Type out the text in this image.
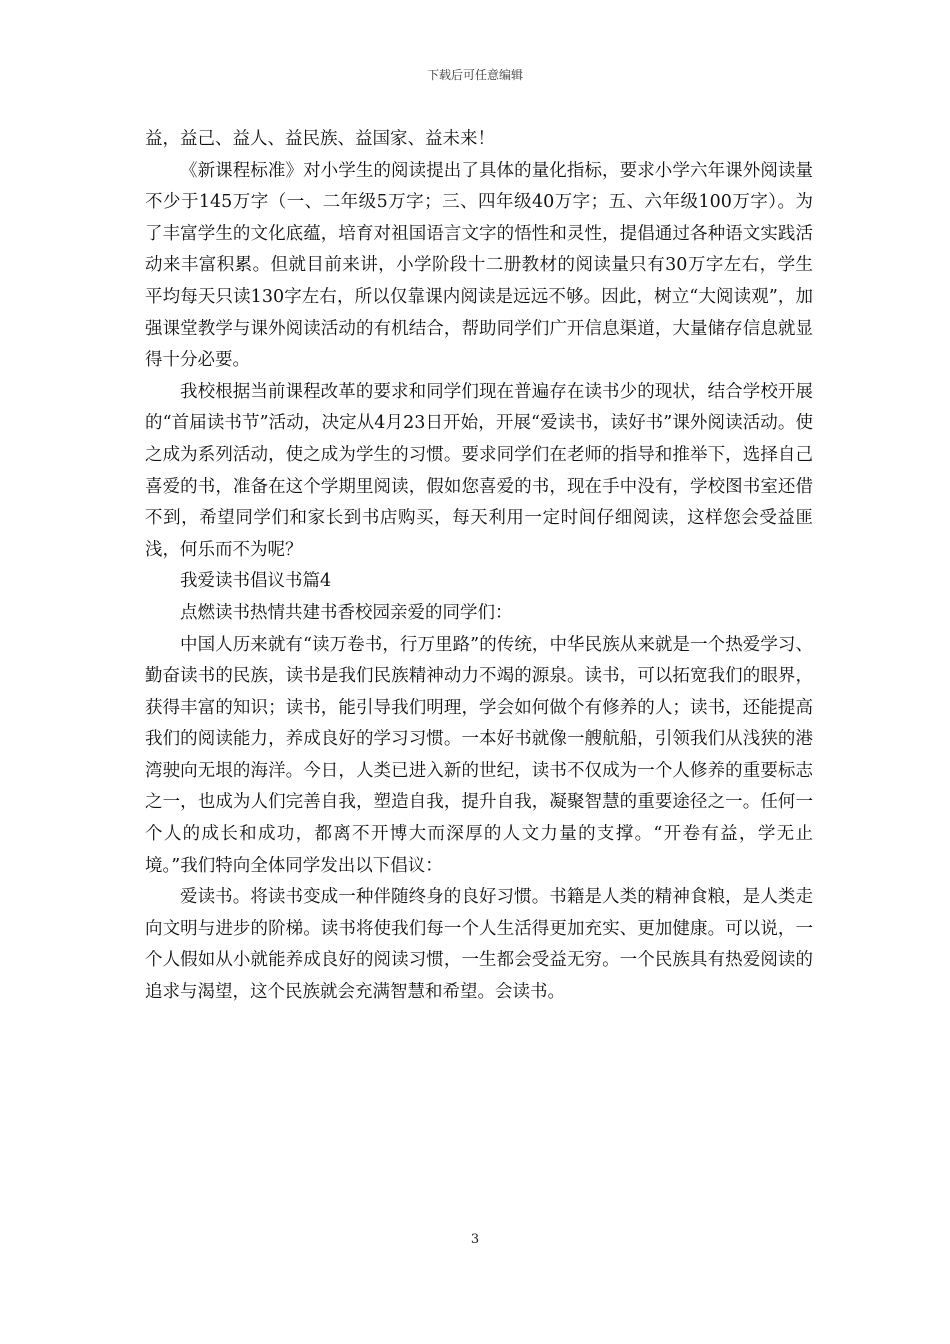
下载后可任意编辑

益，益己、益人、益民族、益国家、益未来！

《新课程标准》对小学生的阅读提出了具体的量化指标，要求小学六年课外阅读量不少于145万字（一、二年级5万字；三、四年级40万字；五、六年级100万字）。为了丰富学生的文化底蕴，培育对祖国语言文字的悟性和灵性，提倡通过各种语文实践活动来丰富积累。但就目前来讲，小学阶段十二册教材的阅读量只有30万字左右，学生平均每天只读130字左右，所以仅靠课内阅读是远远不够。因此，树立“大阅读观”，加强课堂教学与课外阅读活动的有机结合，帮助同学们广开信息渠道，大量储存信息就显得十分必要。

我校根据当前课程改革的要求和同学们现在普遍存在读书少的现状，结合学校开展的“首届读书节”活动，决定从4月23日开始，开展“爱读书，读好书”课外阅读活动。使之成为系列活动，使之成为学生的习惯。要求同学们在老师的指导和推举下，选择自己喜爱的书，准备在这个学期里阅读，假如您喜爱的书，现在手中没有，学校图书室还借不到，希望同学们和家长到书店购买，每天利用一定时间仔细阅读，这样您会受益匪浅，何乐而不为呢？

我爱读书倡议书篇4

点燃读书热情共建书香校园亲爱的同学们：

中国人历来就有“读万卷书，行万里路”的传统，中华民族从来就是一个热爱学习、勤奋读书的民族，读书是我们民族精神动力不竭的源泉。读书，可以拓宽我们的眼界，获得丰富的知识；读书，能引导我们明理，学会如何做个有修养的人；读书，还能提高我们的阅读能力，养成良好的学习习惯。一本好书就像一艘航船，引领我们从浅狭的港湾驶向无垠的海洋。今日，人类已进入新的世纪，读书不仅成为一个人修养的重要标志之一，也成为人们完善自我，塑造自我，提升自我，凝聚智慧的重要途径之一。任何一个人的成长和成功，都离不开博大而深厚的人文力量的支撑。“开卷有益，学无止境。”我们特向全体同学发出以下倡议：

爱读书。将读书变成一种伴随终身的良好习惯。书籍是人类的精神食粮，是人类走向文明与进步的阶梯。读书将使我们每一个人生活得更加充实、更加健康。可以说，一个人假如从小就能养成良好的阅读习惯，一生都会受益无穷。一个民族具有热爱阅读的追求与渴望，这个民族就会充满智慧和希望。会读书。

3
